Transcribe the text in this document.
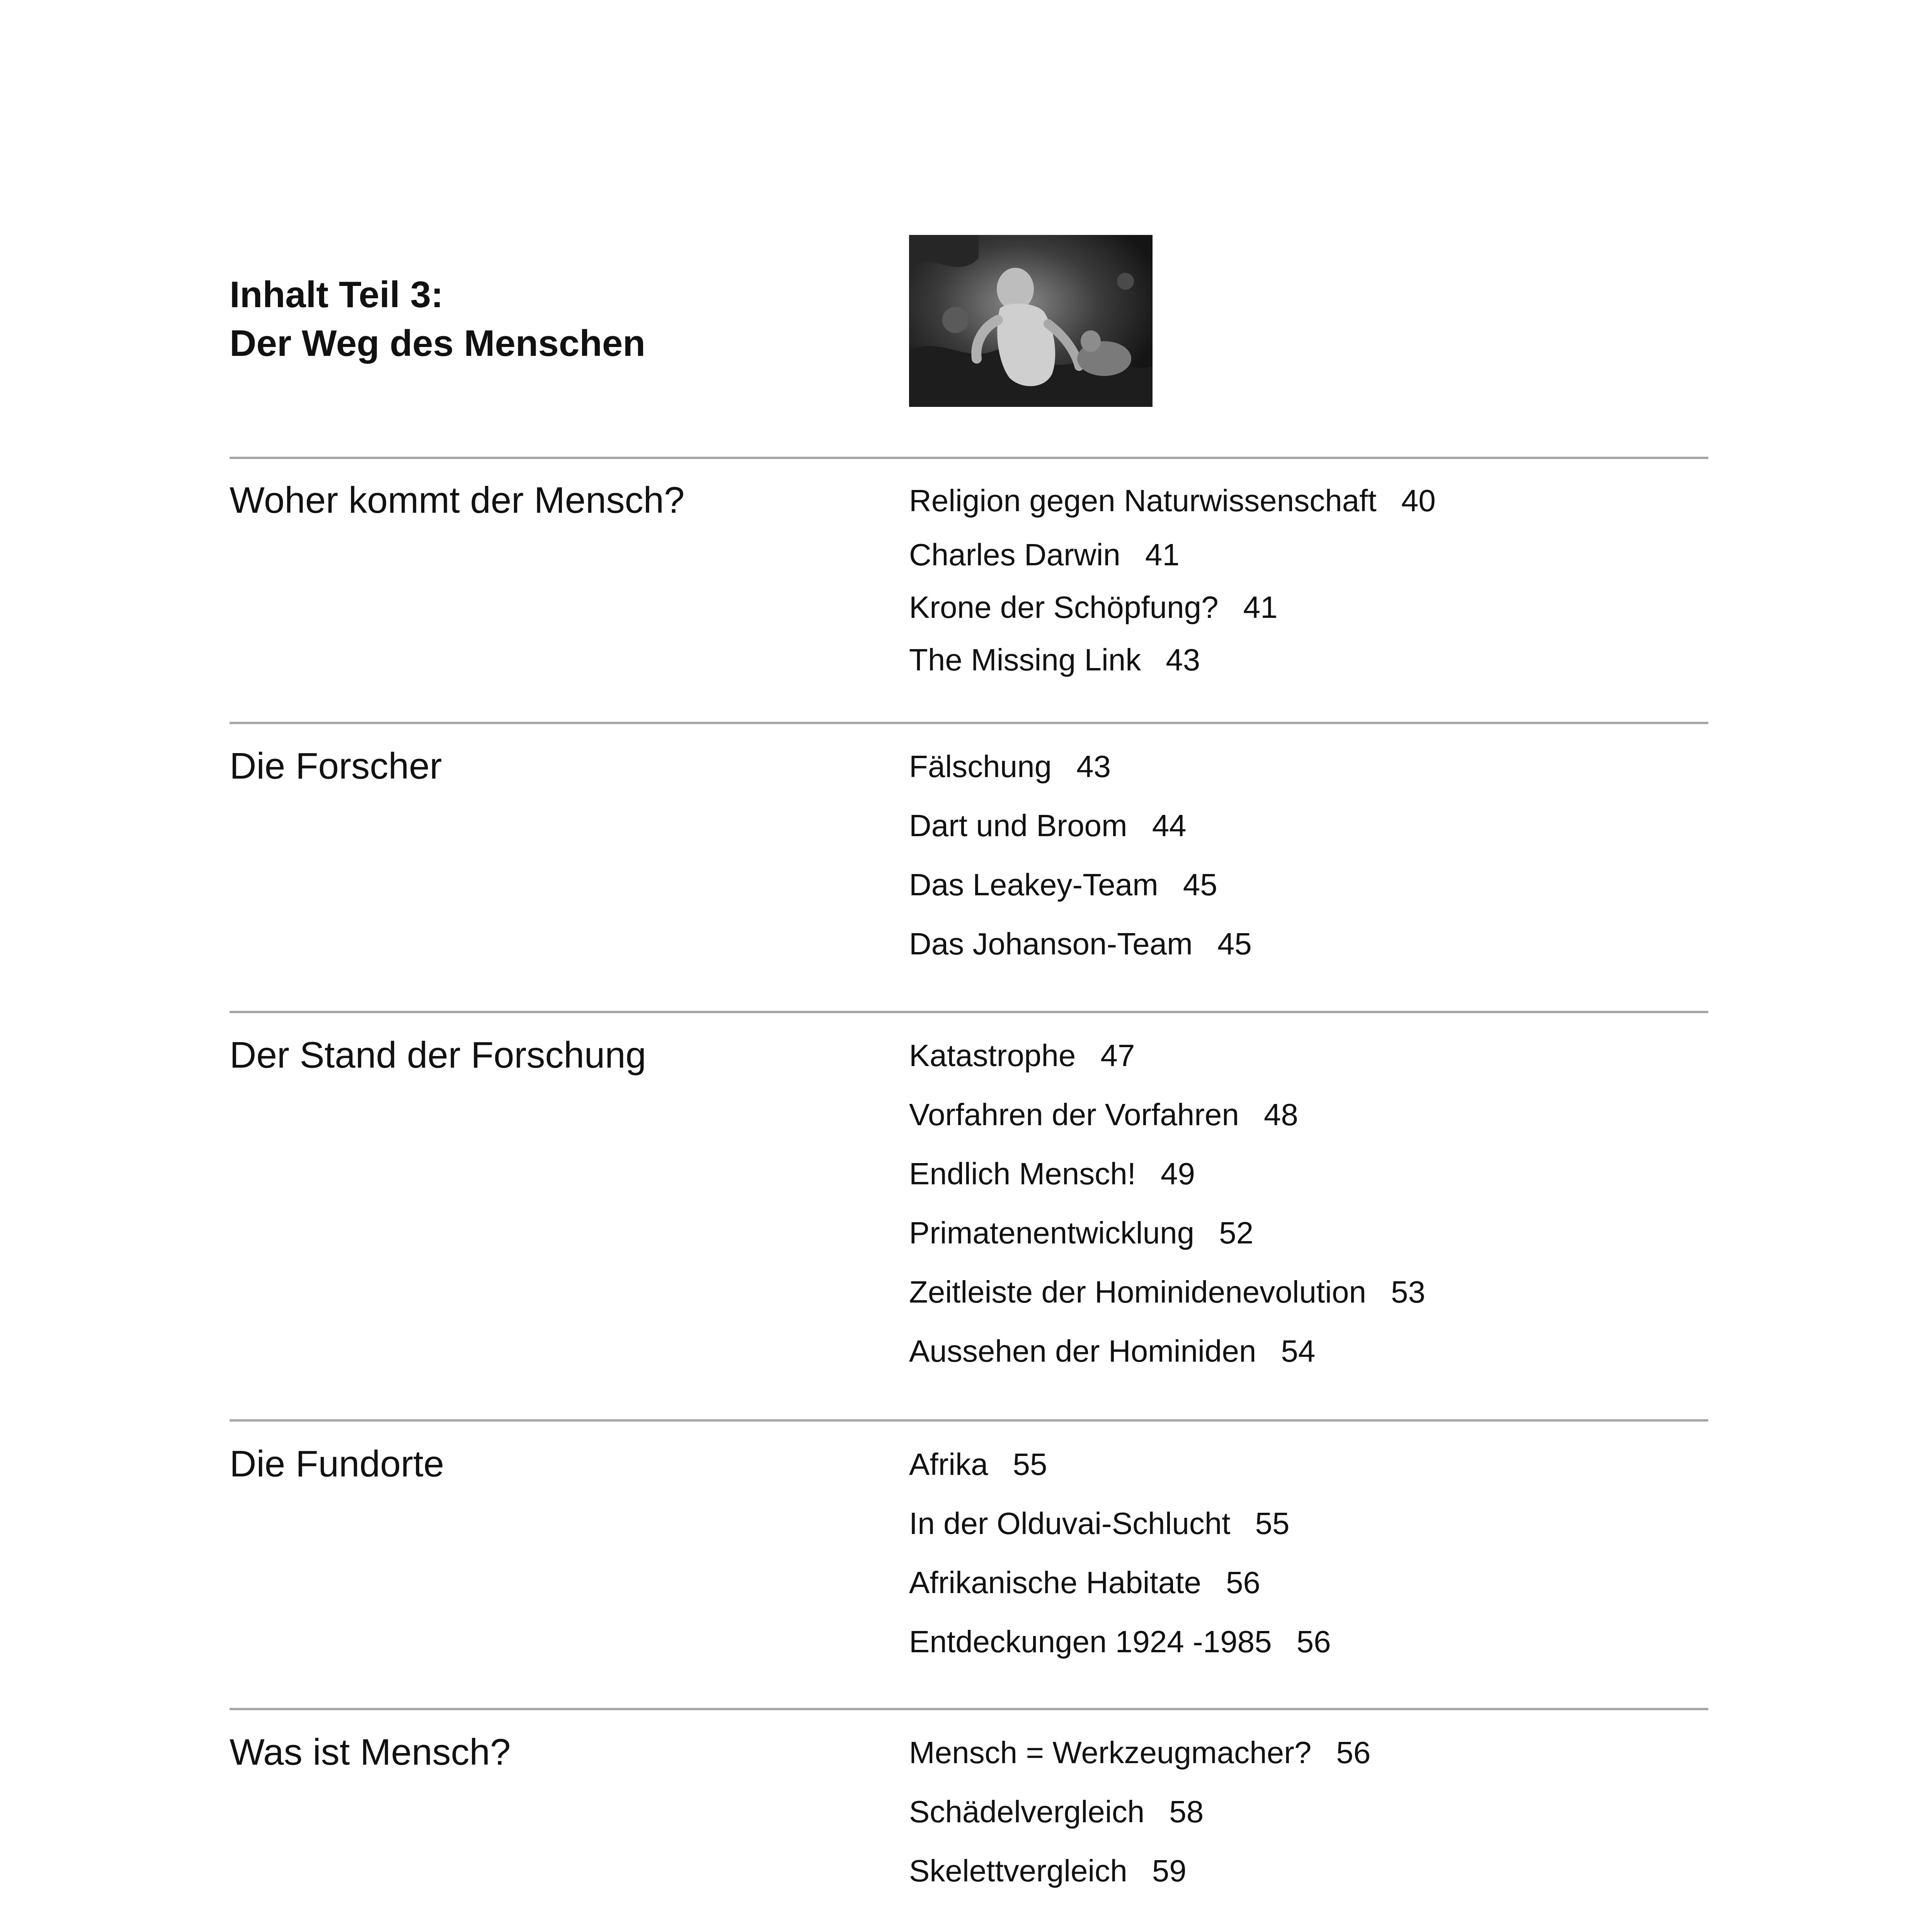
Inhalt Teil 3:
Der Weg des Menschen
Woher kommt der Mensch?	Religion gegen Naturwissenschaft 40
Charles Darwin 41
Krone der Schöpfung? 41
The Missing Link 43
Die Forscher	Fälschung 43
Dart und Broom 44
Das Leakey-Team 45
Das Johanson-Team 45
Der Stand der Forschung	Katastrophe 47
Vorfahren der Vorfahren 48
Endlich Mensch! 49
Primatenentwicklung 52
Zeitleiste der Hominidenevolution 53
Aussehen der Hominiden 54
Die Fundorte	Afrika 55
In der Olduvai-Schlucht 55
Afrikanische Habitate 56
Entdeckungen 1924 -1985 56
Was ist Mensch?	Mensch = Werkzeugmacher? 56
Schädelvergleich 58
Skelettvergleich 59
